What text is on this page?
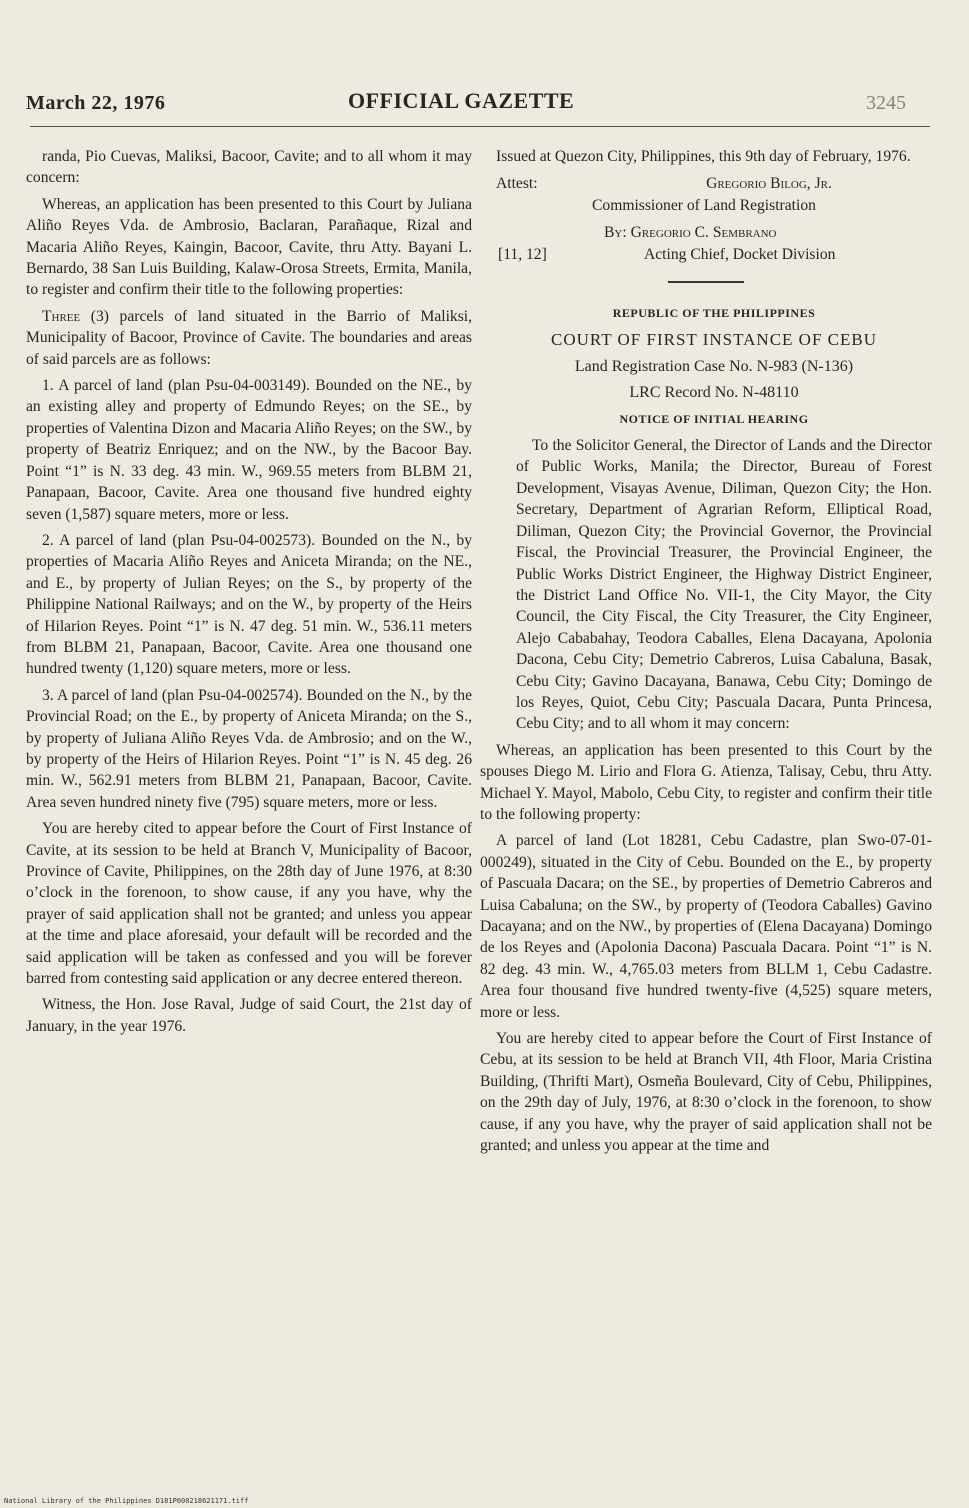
March 22, 1976	OFFICIAL GAZETTE	3245

randa, Pio Cuevas, Maliksi, Bacoor, Cavite; and to all whom it may concern:

Whereas, an application has been presented to this Court by Juliana Aliño Reyes Vda. de Ambrosio, Baclaran, Parañaque, Rizal and Macaria Aliño Reyes, Kaingin, Bacoor, Cavite, thru Atty. Bayani L. Bernardo, 38 San Luis Building, Kalaw-Orosa Streets, Ermita, Manila, to register and confirm their title to the following properties:

Three (3) parcels of land situated in the Barrio of Maliksi, Municipality of Bacoor, Province of Cavite. The boundaries and areas of said parcels are as follows:

1. A parcel of land (plan Psu-04-003149). Bounded on the NE., by an existing alley and property of Edmundo Reyes; on the SE., by properties of Valentina Dizon and Macaria Aliño Reyes; on the SW., by property of Beatriz Enriquez; and on the NW., by the Bacoor Bay. Point “1” is N. 33 deg. 43 min. W., 969.55 meters from BLBM 21, Panapaan, Bacoor, Cavite. Area one thousand five hundred eighty seven (1,587) square meters, more or less.

2. A parcel of land (plan Psu-04-002573). Bounded on the N., by properties of Macaria Aliño Reyes and Aniceta Miranda; on the NE., and E., by property of Julian Reyes; on the S., by property of the Philippine National Railways; and on the W., by property of the Heirs of Hilarion Reyes. Point “1” is N. 47 deg. 51 min. W., 536.11 meters from BLBM 21, Panapaan, Bacoor, Cavite. Area one thousand one hundred twenty (1,120) square meters, more or less.

3. A parcel of land (plan Psu-04-002574). Bounded on the N., by the Provincial Road; on the E., by property of Aniceta Miranda; on the S., by property of Juliana Aliño Reyes Vda. de Ambrosio; and on the W., by property of the Heirs of Hilarion Reyes. Point “1” is N. 45 deg. 26 min. W., 562.91 meters from BLBM 21, Panapaan, Bacoor, Cavite. Area seven hundred ninety five (795) square meters, more or less.

You are hereby cited to appear before the Court of First Instance of Cavite, at its session to be held at Branch V, Municipality of Bacoor, Province of Cavite, Philippines, on the 28th day of June 1976, at 8:30 o’clock in the forenoon, to show cause, if any you have, why the prayer of said application shall not be granted; and unless you appear at the time and place aforesaid, your default will be recorded and the said application will be taken as confessed and you will be forever barred from contesting said application or any decree entered thereon.

Witness, the Hon. Jose Raval, Judge of said Court, the 21st day of January, in the year 1976.

Issued at Quezon City, Philippines, this 9th day of February, 1976.

Attest:	Gregorio Bilog, Jr.
Commissioner of Land Registration
By: Gregorio C. Sembrano
[11, 12]	Acting Chief, Docket Division

REPUBLIC OF THE PHILIPPINES

COURT OF FIRST INSTANCE OF CEBU

Land Registration Case No. N-983 (N-136)

LRC Record No. N-48110

NOTICE OF INITIAL HEARING

To the Solicitor General, the Director of Lands and the Director of Public Works, Manila; the Director, Bureau of Forest Development, Visayas Avenue, Diliman, Quezon City; the Hon. Secretary, Department of Agrarian Reform, Elliptical Road, Diliman, Quezon City; the Provincial Governor, the Provincial Fiscal, the Provincial Treasurer, the Provincial Engineer, the Public Works District Engineer, the Highway District Engineer, the District Land Office No. VII-1, the City Mayor, the City Council, the City Fiscal, the City Treasurer, the City Engineer, Alejo Cababahay, Teodora Caballes, Elena Dacayana, Apolonia Dacona, Cebu City; Demetrio Cabreros, Luisa Cabaluna, Basak, Cebu City; Gavino Dacayana, Banawa, Cebu City; Domingo de los Reyes, Quiot, Cebu City; Pascuala Dacara, Punta Princesa, Cebu City; and to all whom it may concern:

Whereas, an application has been presented to this Court by the spouses Diego M. Lirio and Flora G. Atienza, Talisay, Cebu, thru Atty. Michael Y. Mayol, Mabolo, Cebu City, to register and confirm their title to the following property:

A parcel of land (Lot 18281, Cebu Cadastre, plan Swo-07-01-000249), situated in the City of Cebu. Bounded on the E., by property of Pascuala Dacara; on the SE., by properties of Demetrio Cabreros and Luisa Cabaluna; on the SW., by property of (Teodora Caballes) Gavino Dacayana; and on the NW., by properties of (Elena Dacayana) Domingo de los Reyes and (Apolonia Dacona) Pascuala Dacara. Point “1” is N. 82 deg. 43 min. W., 4,765.03 meters from BLLM 1, Cebu Cadastre. Area four thousand five hundred twenty-five (4,525) square meters, more or less.

You are hereby cited to appear before the Court of First Instance of Cebu, at its session to be held at Branch VII, 4th Floor, Maria Cristina Building, (Thrifti Mart), Osmeña Boulevard, City of Cebu, Philippines, on the 29th day of July, 1976, at 8:30 o’clock in the forenoon, to show cause, if any you have, why the prayer of said application shall not be granted; and unless you appear at the time and

National Library of the Philippines D181P000218621171.tiff
